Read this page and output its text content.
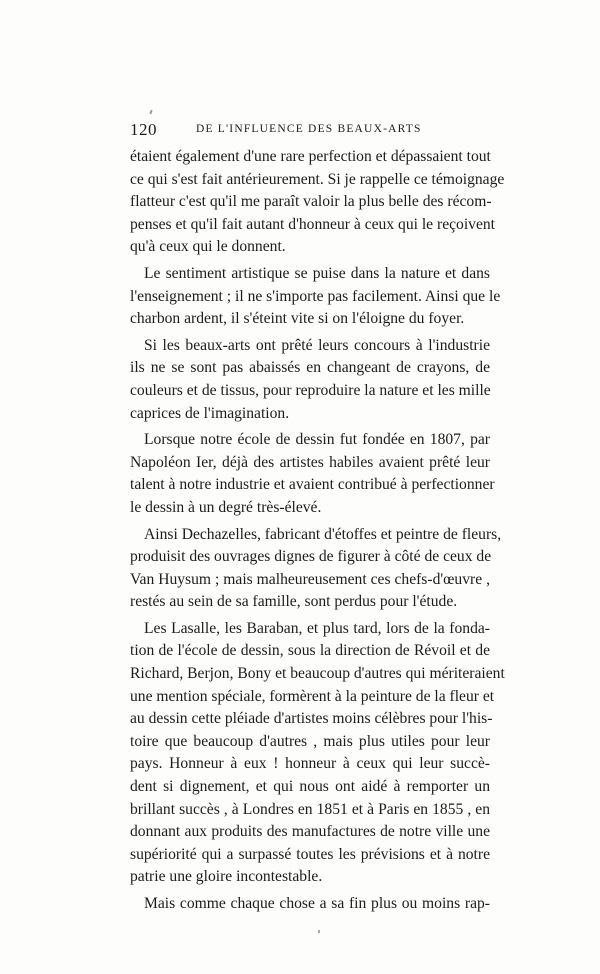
120	DE L'INFLUENCE DES BEAUX-ARTS
étaient également d'une rare perfection et dépassaient tout
ce qui s'est fait antérieurement. Si je rappelle ce témoignage
flatteur c'est qu'il me paraît valoir la plus belle des récom-
penses et qu'il fait autant d'honneur à ceux qui le reçoivent
qu'à ceux qui le donnent.
Le sentiment artistique se puise dans la nature et dans
l'enseignement ; il ne s'importe pas facilement. Ainsi que le
charbon ardent, il s'éteint vite si on l'éloigne du foyer.
Si les beaux-arts ont prêté leurs concours à l'industrie
ils ne se sont pas abaissés en changeant de crayons, de
couleurs et de tissus, pour reproduire la nature et les mille
caprices de l'imagination.
Lorsque notre école de dessin fut fondée en 1807, par
Napoléon Ier, déjà des artistes habiles avaient prêté leur
talent à notre industrie et avaient contribué à perfectionner
le dessin à un degré très-élevé.
Ainsi Dechazelles, fabricant d'étoffes et peintre de fleurs,
produisit des ouvrages dignes de figurer à côté de ceux de
Van Huysum ; mais malheureusement ces chefs-d'œuvre ,
restés au sein de sa famille, sont perdus pour l'étude.
Les Lasalle, les Baraban, et plus tard, lors de la fonda-
tion de l'école de dessin, sous la direction de Révoil et de
Richard, Berjon, Bony et beaucoup d'autres qui mériteraient
une mention spéciale, formèrent à la peinture de la fleur et
au dessin cette pléiade d'artistes moins célèbres pour l'his-
toire que beaucoup d'autres , mais plus utiles pour leur
pays. Honneur à eux ! honneur à ceux qui leur succè-
dent si dignement, et qui nous ont aidé à remporter un
brillant succès , à Londres en 1851 et à Paris en 1855 , en
donnant aux produits des manufactures de notre ville une
supériorité qui a surpassé toutes les prévisions et à notre
patrie une gloire incontestable.
Mais comme chaque chose a sa fin plus ou moins rap-
